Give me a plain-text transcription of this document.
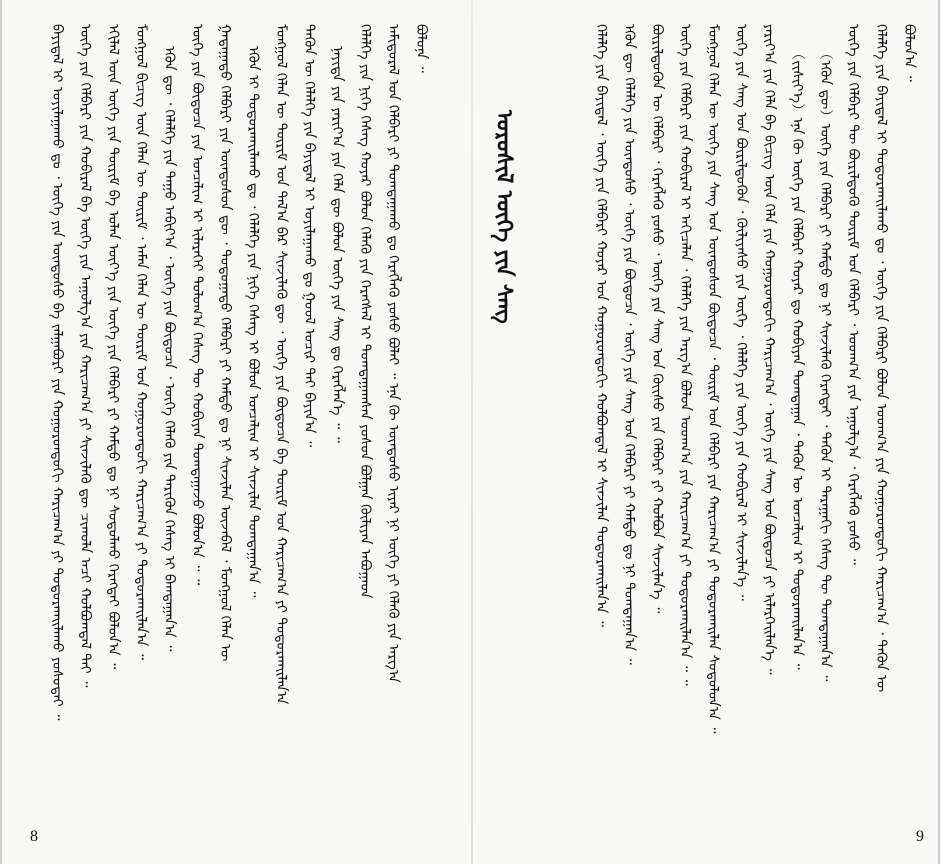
ᠪᠣᠯᠤᠨᠠ ᠃
ᠠᠮᠢᠳᠤᠷᠠᠯ ᠤᠨ ᠬᠡᠯᠪᠡᠷᠢ ᠶᠢ ᠲᠣᠭᠲᠠᠭᠠᠬᠤ ᠳᠤ ᠬᠡᠷᠡᠭᠯᠡᠬᠦ ᠶᠣᠰᠣ ᠪᠣᠯᠠᠢ ᠃ ᠡᠨᠡ ᠬᠦ ᠦᠨᠳᠦᠰᠦ ᠢᠶᠡᠷ ᠨᠢ ᠦᠭᠡ ᠶᠢ ᠬᠡᠯᠡᠬᠦ ᠶᠢᠨ ᠠᠷᠭ᠎ᠠ
ᠬᠡᠯᠡᠯᠭᠡ ᠶᠢᠨ ᠨᠢᠭᠡ ᠬᠡᠰᠡᠭ ᠬᠣᠶᠠᠷ ᠪᠣᠯᠤᠨ ᠬᠡᠯᠡᠬᠦ ᠶᠢᠨ ᠬᠡᠷᠡᠭᠰᠡᠯ ᠢ ᠲᠣᠭᠲᠠᠭᠠᠭᠰᠠᠨ ᠶᠣᠰᠣᠨ ᠪᠣᠯᠭᠠᠨ ᠬᠦᠯᠢᠶᠡᠨ ᠠᠪᠤᠭᠠᠳ
ᠨᠡᠶᠢᠲᠡ ᠶᠢᠨ ᠶᠠᠷᠢᠶ᠎ᠠ ᠶᠢᠨ ᠬᠡᠯᠡ ᠳᠦ ᠪᠣᠯᠤᠨ ᠦᠭᠡ ᠶᠢᠨ ᠰᠠᠩ ᠳᠤ ᠬᠡᠷᠡᠭᠯᠡᠨ᠎ᠡ ᠃ ᠃
ᠲᠡᠭᠦᠨ ᠦ ᠬᠡᠯᠡᠯᠭᠡ ᠶᠢᠨ ᠪᠠᠶᠢᠳᠠᠯ ᠢ ᠣᠶᠢᠯᠠᠭᠠᠬᠤ ᠳᠤ ᠭᠣᠣᠯ ᠤᠴᠢᠷ ᠲᠠᠢ ᠪᠠᠶᠢᠨ᠎ᠠ ᠃
ᠮᠣᠩᠭᠣᠯ ᠬᠡᠯᠡᠨ ᠦ ᠳᠦᠷᠢᠮ ᠤᠨ ᠲᠠᠯ᠎ᠠ ᠪᠠᠷ ᠰᠢᠨᠵᠢᠯᠡᠬᠦ ᠳᠦ ᠂ ᠦᠭᠡ ᠶᠢᠨ ᠪᠦᠲᠦᠴᠡ ᠪᠠ ᠳᠦᠷᠢᠮ ᠤᠨ ᠬᠠᠷᠢᠴᠠᠭ᠎ᠠ ᠶᠢ ᠲᠣᠳᠣᠷᠬᠠᠢᠯᠠᠨ᠎ᠠ
ᠡᠭᠦᠨ ᠢ ᠲᠣᠳᠣᠷᠬᠠᠢᠯᠠᠬᠤ ᠳᠤ ᠂ ᠬᠡᠯᠡᠯᠭᠡ ᠶᠢᠨ ᠨᠢᠭᠡ ᠬᠡᠰᠡᠭ ᠢ ᠪᠣᠯᠤᠨ ᠣᠨᠴᠠᠯᠢᠭ ᠢ ᠰᠢᠨᠵᠢᠯᠡᠨ ᠲᠣᠭᠲᠠᠭᠠᠨ᠎ᠠ ᠃
ᠭᠠᠳᠠᠭᠠᠳᠤ ᠬᠡᠯᠪᠡᠷᠢ ᠶᠢᠨ ᠦᠨᠳᠦᠰᠦᠨ ᠳᠦ ᠂ ᠳᠣᠲᠣᠭᠠᠳᠤ ᠬᠡᠯᠪᠡᠷᠢ ᠶᠢ ᠬᠠᠮᠲᠤ ᠳᠤ ᠨᠢ ᠰᠢᠨᠵᠢᠯᠡᠨ ᠦᠵᠡᠪᠡᠯ ᠂ ᠮᠣᠩᠭᠣᠯ ᠬᠡᠯᠡᠨ ᠦ
ᠦᠭᠡ ᠶᠢᠨ ᠪᠦᠲᠦᠴᠡ ᠶᠢᠨ ᠣᠨᠴᠠᠯᠢᠭ ᠢ ᠢᠯᠡᠷᠡᠬᠡᠢ ᠳᠣᠯᠣᠭ᠎ᠠ ᠬᠡᠰᠡᠭ ᠲᠦ ᠬᠤᠪᠢᠶᠠᠨ ᠲᠣᠭᠲᠠᠭᠠᠵᠤ ᠪᠣᠯᠤᠨ᠎ᠠ ᠃ ᠃
ᠡᠭᠦᠨ ᠳᠦ ᠂ ᠬᠡᠯᠡᠯᠭᠡ ᠶᠢᠨ ᠳᠠᠭᠤ ᠠᠪᠢᠶ᠎ᠠ ᠂ ᠦᠭᠡ ᠶᠢᠨ ᠪᠦᠲᠦᠴᠡ ᠂ ᠦᠭᠡ ᠬᠡᠯᠡᠬᠦ ᠶᠢᠨ ᠲᠡᠷᠢᠭᠦᠨ ᠬᠡᠰᠡᠭ ᠢ ᠪᠠᠭᠲᠠᠭᠠᠨ᠎ᠠ ᠃
ᠮᠣᠩᠭᠣᠯ ᠪᠢᠴᠢᠭ ᠦᠨ ᠬᠡᠯᠡᠨ ᠦ ᠳᠦᠷᠢᠮ ᠂ ᠠᠮᠠᠨ ᠬᠡᠯᠡᠨ ᠦ ᠳᠦᠷᠢᠮ ᠤᠨ ᠬᠣᠭᠣᠷᠤᠨᠳᠤᠬᠢ ᠬᠠᠷᠢᠴᠠᠭ᠎ᠠ ᠶᠢ ᠲᠣᠳᠣᠷᠬᠠᠢᠯᠠᠨ᠎ᠠ ᠃
ᠡᠬᠢᠯᠡᠯ ᠦᠨ ᠦᠭᠡ ᠶᠢᠨ ᠳᠦᠷᠢᠮ ᠪᠠ ᠣᠯᠠᠨ ᠦᠶ᠎ᠡ ᠶᠢᠨ ᠦᠭᠡ ᠶᠢᠨ ᠬᠡᠯᠪᠡᠷᠢ ᠶᠢ ᠬᠠᠮᠲᠤ ᠳᠤ ᠨᠢ ᠰᠤᠳᠤᠯᠬᠤ ᠬᠡᠷᠡᠭᠲᠡᠢ ᠪᠣᠯᠤᠨ᠎ᠠ ᠃
ᠦᠭᠡ ᠶᠢᠨ ᠬᠡᠯᠪᠡᠷᠢ ᠶᠢᠨ ᠬᠤᠪᠢᠷᠠᠯ ᠪᠠ ᠦᠭᠡ ᠶᠢᠨ ᠠᠭᠤᠯᠭ᠎ᠠ ᠶᠢᠨ ᠬᠠᠷᠢᠴᠠᠭ᠎ᠠ ᠶᠢ ᠰᠢᠨᠵᠢᠯᠡᠬᠦ ᠳᠦ ᠴᠢᠬᠤᠯᠠ ᠠᠴᠢ ᠬᠣᠯᠪᠣᠭᠳᠠᠯ ᠲᠠᠢ ᠃
ᠪᠠᠶᠢᠳᠠᠯ ᠢ ᠣᠶᠢᠯᠠᠭᠠᠬᠤ ᠳᠤ ᠂ ᠦᠭᠡ ᠶᠢᠨ ᠦᠨᠳᠦᠰᠦ ᠪᠠ ᠵᠠᠯᠭᠠᠪᠤᠷᠢ ᠶᠢᠨ ᠬᠣᠭᠣᠷᠤᠨᠳᠤᠬᠢ ᠬᠠᠷᠢᠴᠠᠭ᠎ᠠ ᠶᠢ ᠲᠣᠳᠣᠷᠬᠠᠢᠯᠠᠬᠤ ᠶᠣᠰᠣᠲᠠᠢ ᠃
8
ᠪᠣᠯᠤᠨ᠎ᠠ ᠃
ᠬᠡᠯᠡᠯᠭᠡ ᠶᠢᠨ ᠪᠠᠶᠢᠳᠠᠯ ᠢ ᠲᠣᠳᠣᠷᠬᠠᠢᠯᠠᠬᠤ ᠳᠤ ᠂ ᠦᠭᠡ ᠶᠢᠨ ᠬᠡᠯᠪᠡᠷᠢ ᠪᠣᠯᠤᠨ ᠤᠳᠬ᠎ᠠ ᠶᠢᠨ ᠬᠣᠭᠣᠷᠤᠨᠳᠤᠬᠢ ᠬᠠᠷᠢᠴᠠᠭ᠎ᠠ ᠂ ᠲᠡᠭᠦᠨ ᠦ
ᠦᠭᠡ ᠶᠢᠨ ᠬᠡᠯᠪᠡᠷᠢ ᠲᠦ ᠪᠦᠷᠢᠯᠳᠦᠬᠦ ᠳᠦᠷᠢᠮ ᠤᠨ ᠬᠡᠯᠪᠡᠷᠢ ᠂ ᠤᠳᠬ᠎ᠠ ᠶᠢᠨ ᠠᠭᠤᠯᠭ᠎ᠠ ᠂ ᠬᠡᠷᠡᠭᠯᠡᠬᠦ ᠶᠣᠰᠣ ᠃
（ᠡᠭᠦᠨ ᠳᠦ）ᠦᠭᠡ ᠶᠢᠨ ᠬᠡᠯᠪᠡᠷᠢ ᠶᠢ ᠬᠠᠮᠲᠤ ᠳᠤ ᠨᠢ ᠰᠢᠨᠵᠢᠯᠡᠬᠦ ᠬᠡᠷᠡᠭᠲᠡᠢ ᠂ ᠲᠡᠭᠦᠨ ᠢ ᠳᠠᠷᠠᠭᠠᠬᠢ ᠬᠡᠰᠡᠭ ᠲᠦ ᠲᠣᠭᠲᠠᠭᠠᠨ᠎ᠠ ᠃
（ᠵᠢᠱᠢᠶ᠎ᠡ）ᠡᠨᠡ ᠬᠦ ᠦᠭᠡ ᠶᠢᠨ ᠬᠡᠯᠪᠡᠷᠢ ᠬᠣᠶᠠᠷ ᠳᠤ ᠬᠤᠪᠢᠶᠠᠨ ᠲᠣᠭᠲᠠᠭᠠᠨ ᠂ ᠲᠡᠭᠦᠨ ᠦ ᠣᠨᠴᠠᠯᠢᠭ ᠢ ᠲᠣᠳᠣᠷᠬᠠᠢᠯᠠᠨ᠎ᠠ ᠃
ᠶᠠᠷᠢᠶ᠎ᠠ ᠶᠢᠨ ᠬᠡᠯᠡ ᠪᠠ ᠪᠢᠴᠢᠭ ᠦᠨ ᠬᠡᠯᠡ ᠶᠢᠨ ᠬᠣᠭᠣᠷᠤᠨᠳᠤᠬᠢ ᠬᠠᠷᠢᠴᠠᠭ᠎ᠠ ᠂ ᠦᠭᠡ ᠶᠢᠨ ᠰᠠᠩ ᠤᠨ ᠪᠦᠲᠦᠴᠡ ᠶᠢ ᠢᠯᠡᠷᠬᠡᠢᠯᠡᠨ᠎ᠡ ᠃
ᠦᠭᠡ ᠶᠢᠨ ᠰᠠᠩ ᠤᠨ ᠪᠦᠷᠢᠯᠳᠦᠬᠦᠨ ᠂ ᠬᠦᠯᠢᠶᠡᠰᠦ ᠶᠢᠨ ᠦᠭᠡ ᠂ ᠬᠡᠯᠡᠯᠭᠡ ᠶᠢᠨ ᠦᠭᠡ ᠶᠢᠨ ᠬᠤᠪᠢᠷᠠᠯ ᠢ ᠰᠢᠨᠵᠢᠯᠡᠨ᠎ᠡ ᠃
ᠮᠣᠩᠭᠣᠯ ᠬᠡᠯᠡᠨ ᠦ ᠦᠭᠡ ᠶᠢᠨ ᠰᠠᠩ ᠤᠨ ᠦᠨᠳᠦᠰᠦᠨ ᠪᠦᠲᠦᠴᠡ ᠂ ᠳᠦᠷᠢᠮ ᠤᠨ ᠬᠡᠯᠪᠡᠷᠢ ᠶᠢᠨ ᠬᠠᠷᠢᠴᠠᠭ᠎ᠠ ᠶᠢ ᠲᠣᠳᠣᠷᠬᠠᠢᠯᠠᠨ ᠰᠤᠳᠤᠯᠤᠨ᠎ᠠ ᠃
ᠦᠭᠡ ᠶᠢᠨ ᠬᠡᠯᠪᠡᠷᠢ ᠶᠢᠨ ᠬᠤᠪᠢᠷᠠᠯ ᠢ ᠠᠬᠢᠴᠠᠯᠠᠨ ᠂ ᠬᠡᠯᠡᠯᠭᠡ ᠶᠢᠨ ᠠᠷᠭ᠎ᠠ ᠪᠣᠯᠤᠨ ᠤᠳᠬ᠎ᠠ ᠶᠢᠨ ᠬᠠᠷᠢᠴᠠᠭ᠎ᠠ ᠶᠢ ᠲᠣᠳᠣᠷᠬᠠᠢᠯᠠᠨ᠎ᠠ ᠃ ᠃
ᠪᠦᠷᠢᠯᠳᠦᠬᠦᠨ ᠦ ᠬᠡᠯᠪᠡᠷᠢ ᠂ ᠬᠡᠷᠡᠭᠯᠡᠬᠦ ᠶᠣᠰᠣ ᠂ ᠦᠭᠡ ᠶᠢᠨ ᠰᠠᠩ ᠤᠨ ᠬᠦᠢᠰᠦ ᠶᠢᠨ ᠬᠡᠯᠪᠡᠷᠢ ᠶᠢ ᠬᠣᠯᠪᠣᠨ ᠰᠢᠨᠵᠢᠯᠡᠨ᠎ᠡ ᠃
ᠡᠭᠦᠨ ᠳᠦ ᠬᠡᠯᠡᠯᠭᠡ ᠶᠢᠨ ᠦᠨᠳᠦᠰᠦ ᠂ ᠦᠭᠡ ᠶᠢᠨ ᠪᠦᠲᠦᠴᠡ ᠂ ᠦᠭᠡ ᠶᠢᠨ ᠰᠠᠩ ᠤᠨ ᠬᠡᠯᠪᠡᠷᠢ ᠶᠢ ᠬᠠᠮᠲᠤ ᠳᠤ ᠨᠢ ᠲᠣᠭᠲᠠᠭᠠᠨ᠎ᠠ ᠃
ᠬᠡᠯᠡᠯᠭᠡ ᠶᠢᠨ ᠪᠠᠶᠢᠳᠠᠯ ᠂ ᠦᠭᠡ ᠶᠢᠨ ᠬᠡᠯᠪᠡᠷᠢ ᠬᠣᠶᠠᠷ ᠤᠨ ᠬᠣᠭᠣᠷᠤᠨᠳᠤᠬᠢ ᠬᠣᠯᠪᠣᠭᠳᠠᠯ ᠢ ᠰᠢᠨᠵᠢᠯᠡᠨ ᠲᠣᠳᠣᠷᠬᠠᠢᠯᠠᠨ᠎ᠠ ᠃
ᠣᠷᠣᠰᠢᠯ ᠦᠭᠡ ᠶᠢᠨ ᠰᠠᠩ
9
